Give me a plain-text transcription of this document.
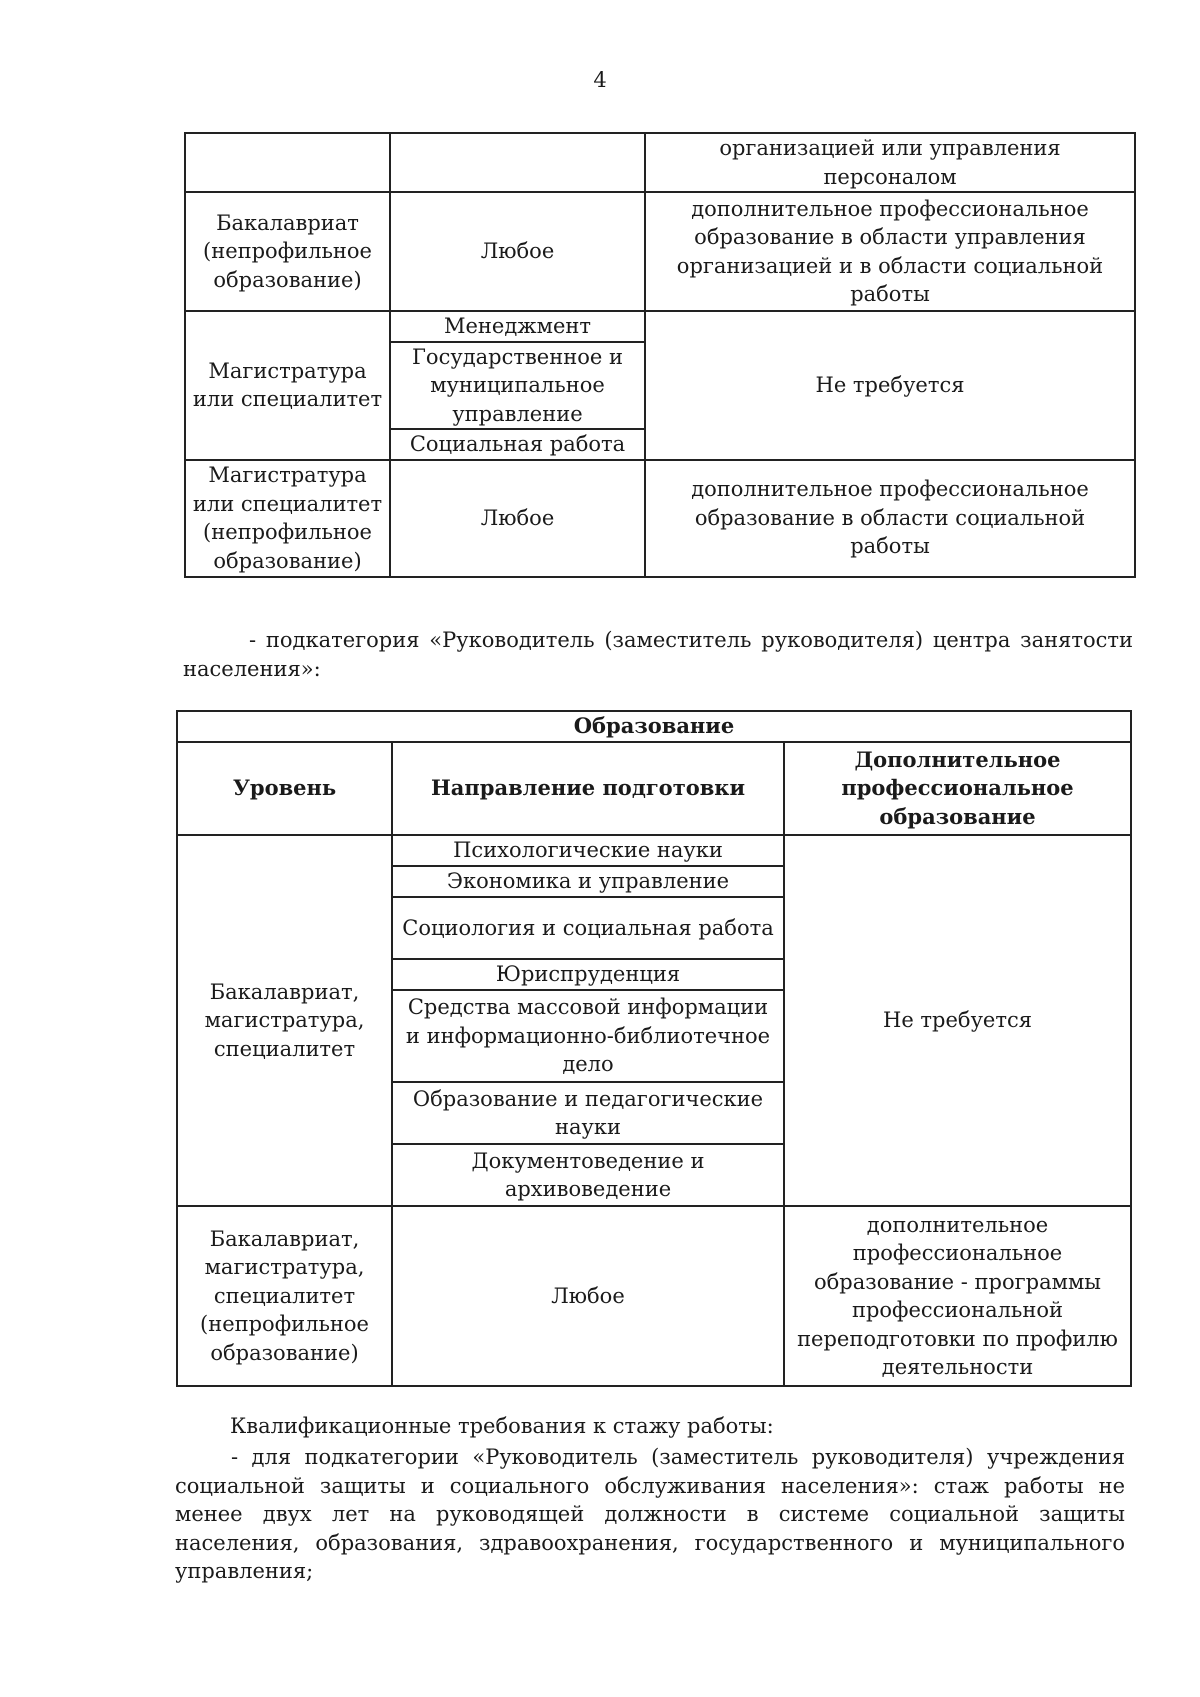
4
		организацией или управления персоналом
Бакалавриат (непрофильное образование)	Любое	дополнительное профессиональное образование в области управления организацией и в области социальной работы
Магистратура или специалитет	Менеджмент	Не требуется
	Государственное и муниципальное управление	
	Социальная работа	
Магистратура или специалитет (непрофильное образование)	Любое	дополнительное профессиональное образование в области социальной работы
- подкатегория «Руководитель (заместитель руководителя) центра занятости населения»:
Образование		
Уровень	Направление подготовки	Дополнительное профессиональное образование
Бакалавриат, магистратура, специалитет	Психологические науки	Не требуется
	Экономика и управление	
	Социология и социальная работа	
	Юриспруденция	
	Средства массовой информации и информационно-библиотечное дело	
	Образование и педагогические науки	
	Документоведение и архивоведение	
Бакалавриат, магистратура, специалитет (непрофильное образование)	Любое	дополнительное профессиональное образование - программы профессиональной переподготовки по профилю деятельности
Квалификационные требования к стажу работы:
- для подкатегории «Руководитель (заместитель руководителя) учреждения социальной защиты и социального обслуживания населения»: стаж работы не менее двух лет на руководящей должности в системе социальной защиты населения, образования, здравоохранения, государственного и муниципального управления;
